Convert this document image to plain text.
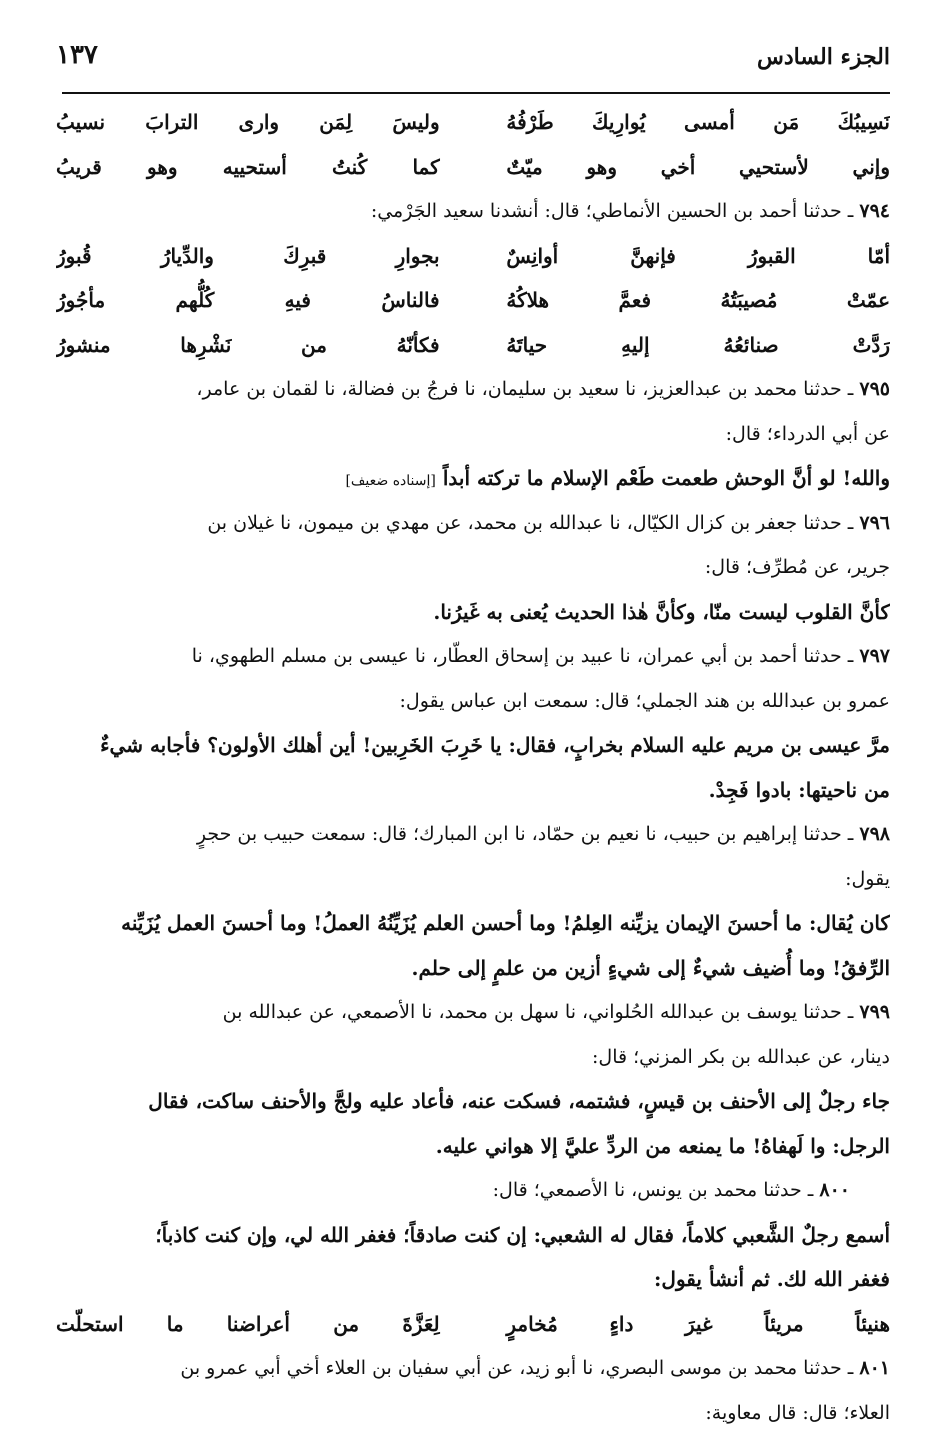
الجزء السادس
١٣٧
نَسِيبُكَ مَن أمسى يُوارِيكَ طَرْفُهُ
وليسَ لِمَن وارى الترابَ نسيبُ
وإني لأستحيي أخي وهو ميّتٌ
كما كُنتُ أستحييه وهو قريبُ
٧٩٤ ـ حدثنا أحمد بن الحسين الأنماطي؛ قال: أنشدنا سعيد الجَرْمي:
أمّا القبورُ فإنهنَّ أوانِسٌ
بجوارِ قبرِكَ والدِّيارُ قُبورُ
عمّتْ مُصيبَتُهُ فعمَّ هلاكُهُ
فالناسُ فيهِ كُلُّهم مأجُورُ
رَدَّتْ صنائعُهُ إليهِ حياتَهُ
فكأنّهُ من نَشْرِها منشورُ
٧٩٥ ـ حدثنا محمد بن عبدالعزيز، نا سعيد بن سليمان، نا فرجُ بن فضالة، نا لقمان بن عامر،
عن أبي الدرداء؛ قال:
والله! لو أنَّ الوحش طعمت طَعْم الإسلام ما تركته أبداً [إسناده ضعيف]
٧٩٦ ـ حدثنا جعفر بن كزال الكيّال، نا عبدالله بن محمد، عن مهدي بن ميمون، نا غيلان بن
جرير، عن مُطرِّف؛ قال:
كأنَّ القلوب ليست منّا، وكأنَّ هٰذا الحديث يُعنى به غَيرُنا.
٧٩٧ ـ حدثنا أحمد بن أبي عمران، نا عبيد بن إسحاق العطّار، نا عيسى بن مسلم الطهوي، نا
عمرو بن عبدالله بن هند الجملي؛ قال: سمعت ابن عباس يقول:
مرَّ عيسى بن مريم عليه السلام بخرابٍ، فقال: يا خَرِبَ الخَرِبين! أين أهلك الأولون؟ فأجابه شيءٌ
من ناحيتها: بادوا فَجِدْ.
٧٩٨ ـ حدثنا إبراهيم بن حبيب، نا نعيم بن حمّاد، نا ابن المبارك؛ قال: سمعت حبيب بن حجرٍ
يقول:
كان يُقال: ما أحسنَ الإيمان يزيِّنه العِلمُ! وما أحسن العلم يُزَيِّنُهُ العملُ! وما أحسنَ العمل يُزَيِّنه
الرِّفقُ! وما أُضيف شيءٌ إلى شيءٍ أزين من علمٍ إلى حلم.
٧٩٩ ـ حدثنا يوسف بن عبدالله الحُلواني، نا سهل بن محمد، نا الأصمعي، عن عبدالله بن
دينار، عن عبدالله بن بكر المزني؛ قال:
جاء رجلٌ إلى الأحنف بن قيسٍ، فشتمه، فسكت عنه، فأعاد عليه ولجَّ والأحنف ساكت، فقال
الرجل: وا لَهفاهُ! ما يمنعه من الردِّ عليَّ إلا هواني عليه.
٨٠٠ ـ حدثنا محمد بن يونس، نا الأصمعي؛ قال:
أسمع رجلٌ الشَّعبي كلاماً، فقال له الشعبي: إن كنت صادقاً؛ فغفر الله لي، وإن كنت كاذباً؛
فغفر الله لك. ثم أنشأ يقول:
هنيئاً مريئاً غيرَ داءٍ مُخامرٍ
لِعَزَّةَ من أعراضنا ما استحلّت
٨٠١ ـ حدثنا محمد بن موسى البصري، نا أبو زيد، عن أبي سفيان بن العلاء أخي أبي عمرو بن
العلاء؛ قال: قال معاوية:
